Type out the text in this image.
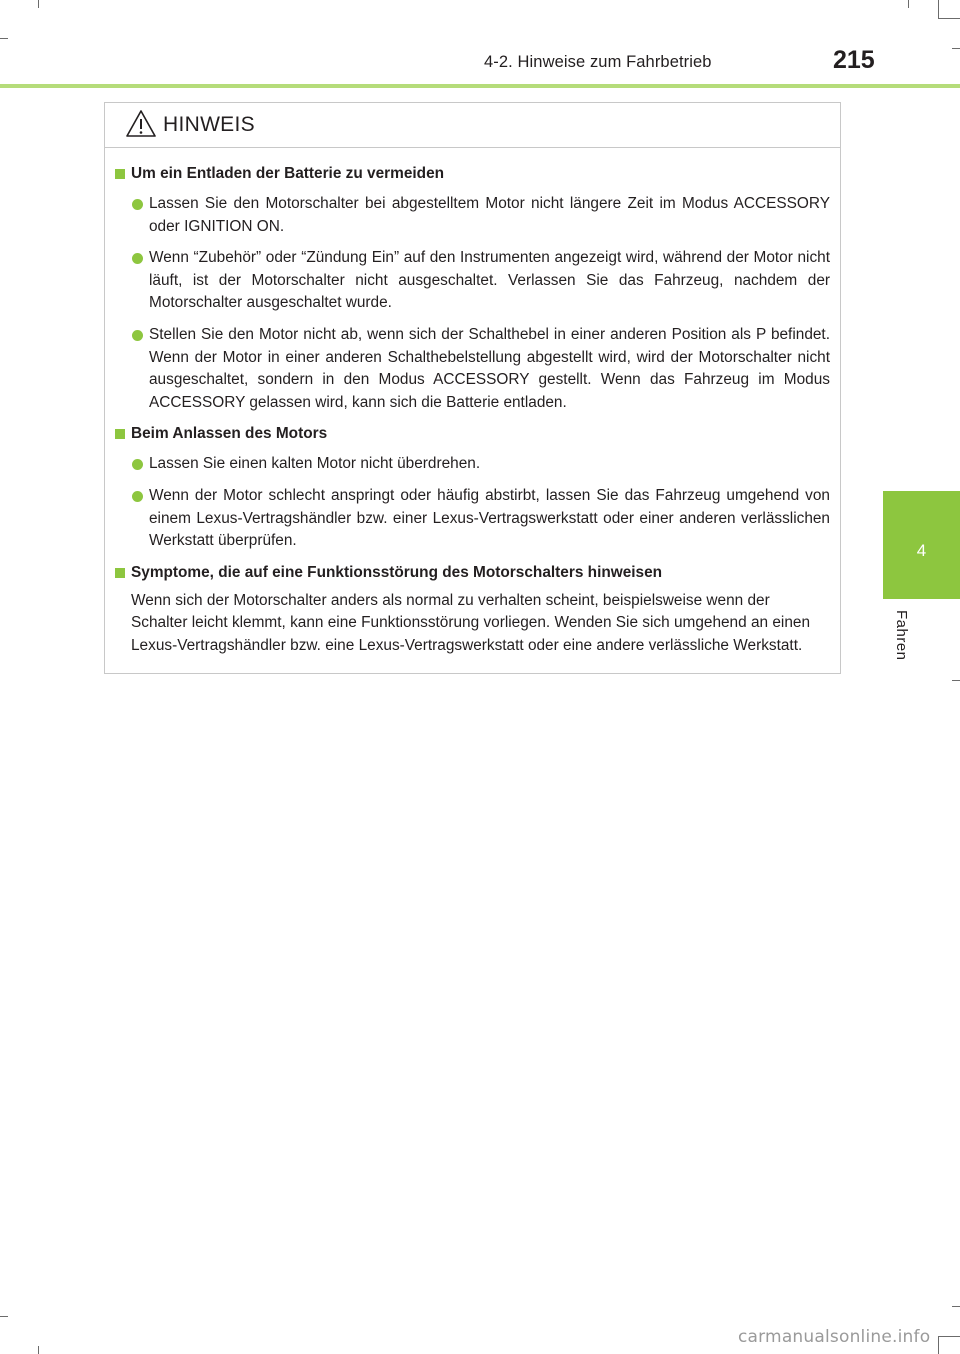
4-2. Hinweise zum Fahrbetrieb	215
4
Fahren
HINWEIS
Um ein Entladen der Batterie zu vermeiden
Lassen Sie den Motorschalter bei abgestelltem Motor nicht längere Zeit im Modus ACCESSORY oder IGNITION ON.
Wenn “Zubehör” oder “Zündung Ein” auf den Instrumenten angezeigt wird, während der Motor nicht läuft, ist der Motorschalter nicht ausgeschaltet. Verlassen Sie das Fahrzeug, nachdem der Motorschalter ausgeschaltet wurde.
Stellen Sie den Motor nicht ab, wenn sich der Schalthebel in einer anderen Position als P befindet. Wenn der Motor in einer anderen Schalthebelstellung abgestellt wird, wird der Motorschalter nicht ausgeschaltet, sondern in den Modus ACCESSORY gestellt. Wenn das Fahrzeug im Modus ACCESSORY gelassen wird, kann sich die Batterie entladen.
Beim Anlassen des Motors
Lassen Sie einen kalten Motor nicht überdrehen.
Wenn der Motor schlecht anspringt oder häufig abstirbt, lassen Sie das Fahrzeug umgehend von einem Lexus-Vertragshändler bzw. einer Lexus-Vertragswerkstatt oder einer anderen verlässlichen Werkstatt überprüfen.
Symptome, die auf eine Funktionsstörung des Motorschalters hinweisen
Wenn sich der Motorschalter anders als normal zu verhalten scheint, beispielsweise wenn der Schalter leicht klemmt, kann eine Funktionsstörung vorliegen. Wenden Sie sich umgehend an einen Lexus-Vertragshändler bzw. eine Lexus-Vertragswerkstatt oder eine andere verlässliche Werkstatt.
carmanualsonline.info
